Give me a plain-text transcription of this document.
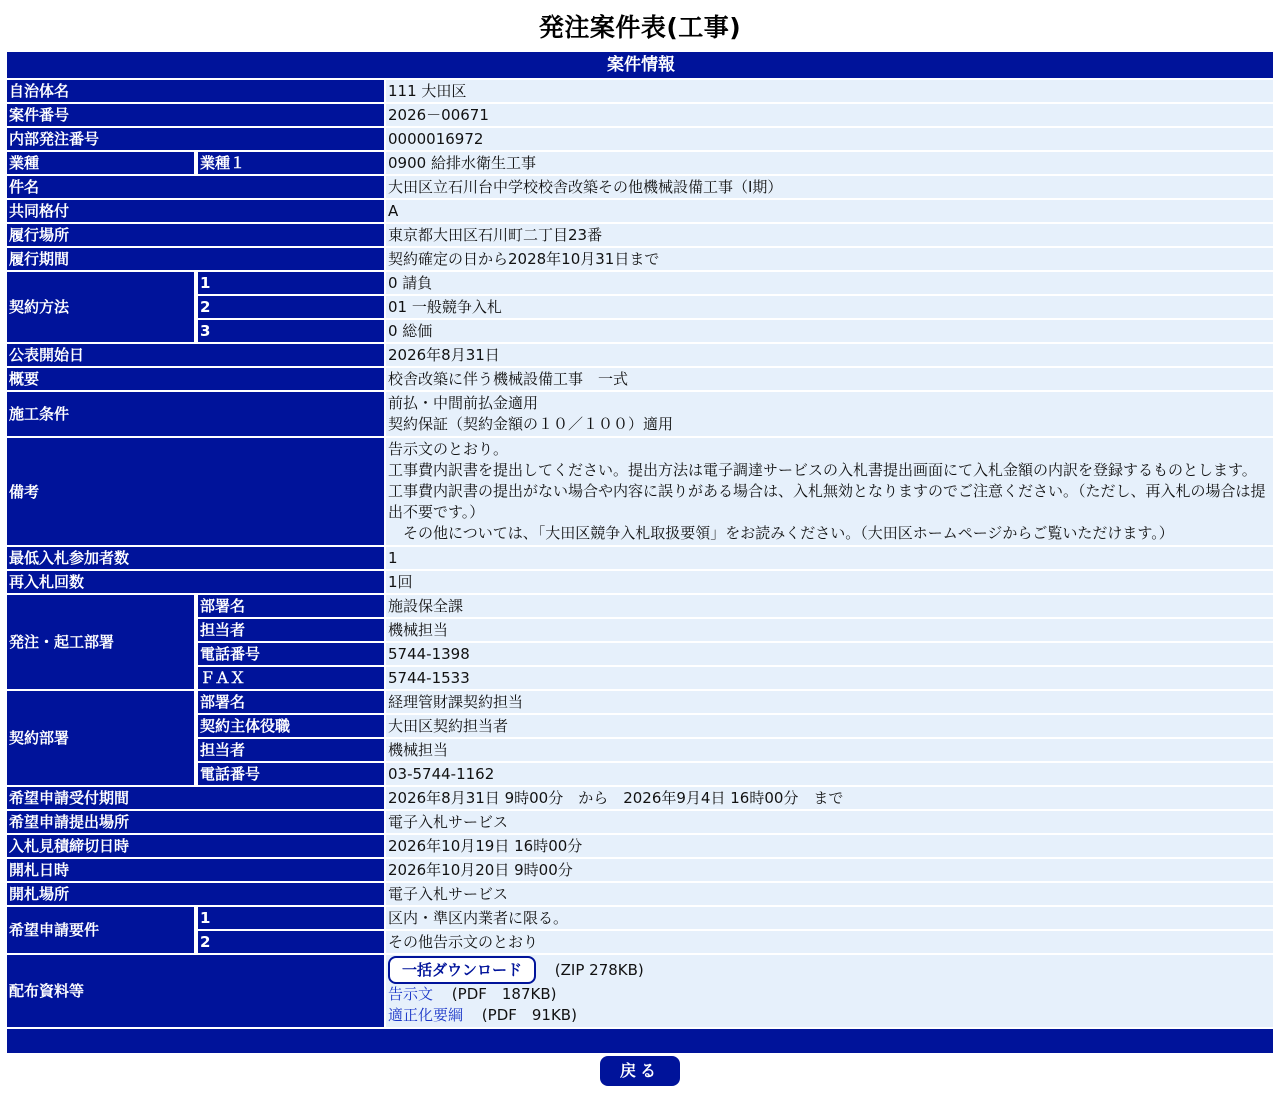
発注案件表(工事)
案件情報		
自治体名		111 大田区
案件番号		2026－00671
内部発注番号		0000016972
業種	業種１	0900 給排水衛生工事
件名		大田区立石川台中学校校舎改築その他機械設備工事（Ⅰ期）
共同格付		A
履行場所		東京都大田区石川町二丁目23番
履行期間		契約確定の日から2028年10月31日まで
契約方法	1	0 請負
	2	01 一般競争入札
	3	0 総価
公表開始日		2026年8月31日
概要		校舎改築に伴う機械設備工事　一式
施工条件		前払・中間前払金適用
契約保証（契約金額の１０／１００）適用

備考		告示文のとおり。
工事費内訳書を提出してください。提出方法は電子調達サービスの入札書提出画面にて入札金額の内訳を登録するものとします。
工事費内訳書の提出がない場合や内容に誤りがある場合は、入札無効となりますのでご注意ください。（ただし、再入札の場合は提出不要です。）
　その他については、「大田区競争入札取扱要領」をお読みください。（大田区ホームページからご覧いただけます。）

最低入札参加者数		1
再入札回数		1回
発注・起工部署	部署名	施設保全課
	担当者	機械担当
	電話番号	5744-1398
	ＦＡＸ	5744-1533
契約部署	部署名	経理管財課契約担当
	契約主体役職	大田区契約担当者
	担当者	機械担当
	電話番号	03-5744-1162
希望申請受付期間		2026年8月31日 9時00分　から　2026年9月4日 16時00分　まで
希望申請提出場所		電子入札サービス
入札見積締切日時		2026年10月19日 16時00分
開札日時		2026年10月20日 9時00分
開札場所		電子入札サービス
希望申請要件	1	区内・準区内業者に限る。
	2	その他告示文のとおり
配布資料等		一括ダウンロード (ZIP 278KB)
告示文 (PDF　187KB)
適正化要綱 (PDF　91KB)

戻る
